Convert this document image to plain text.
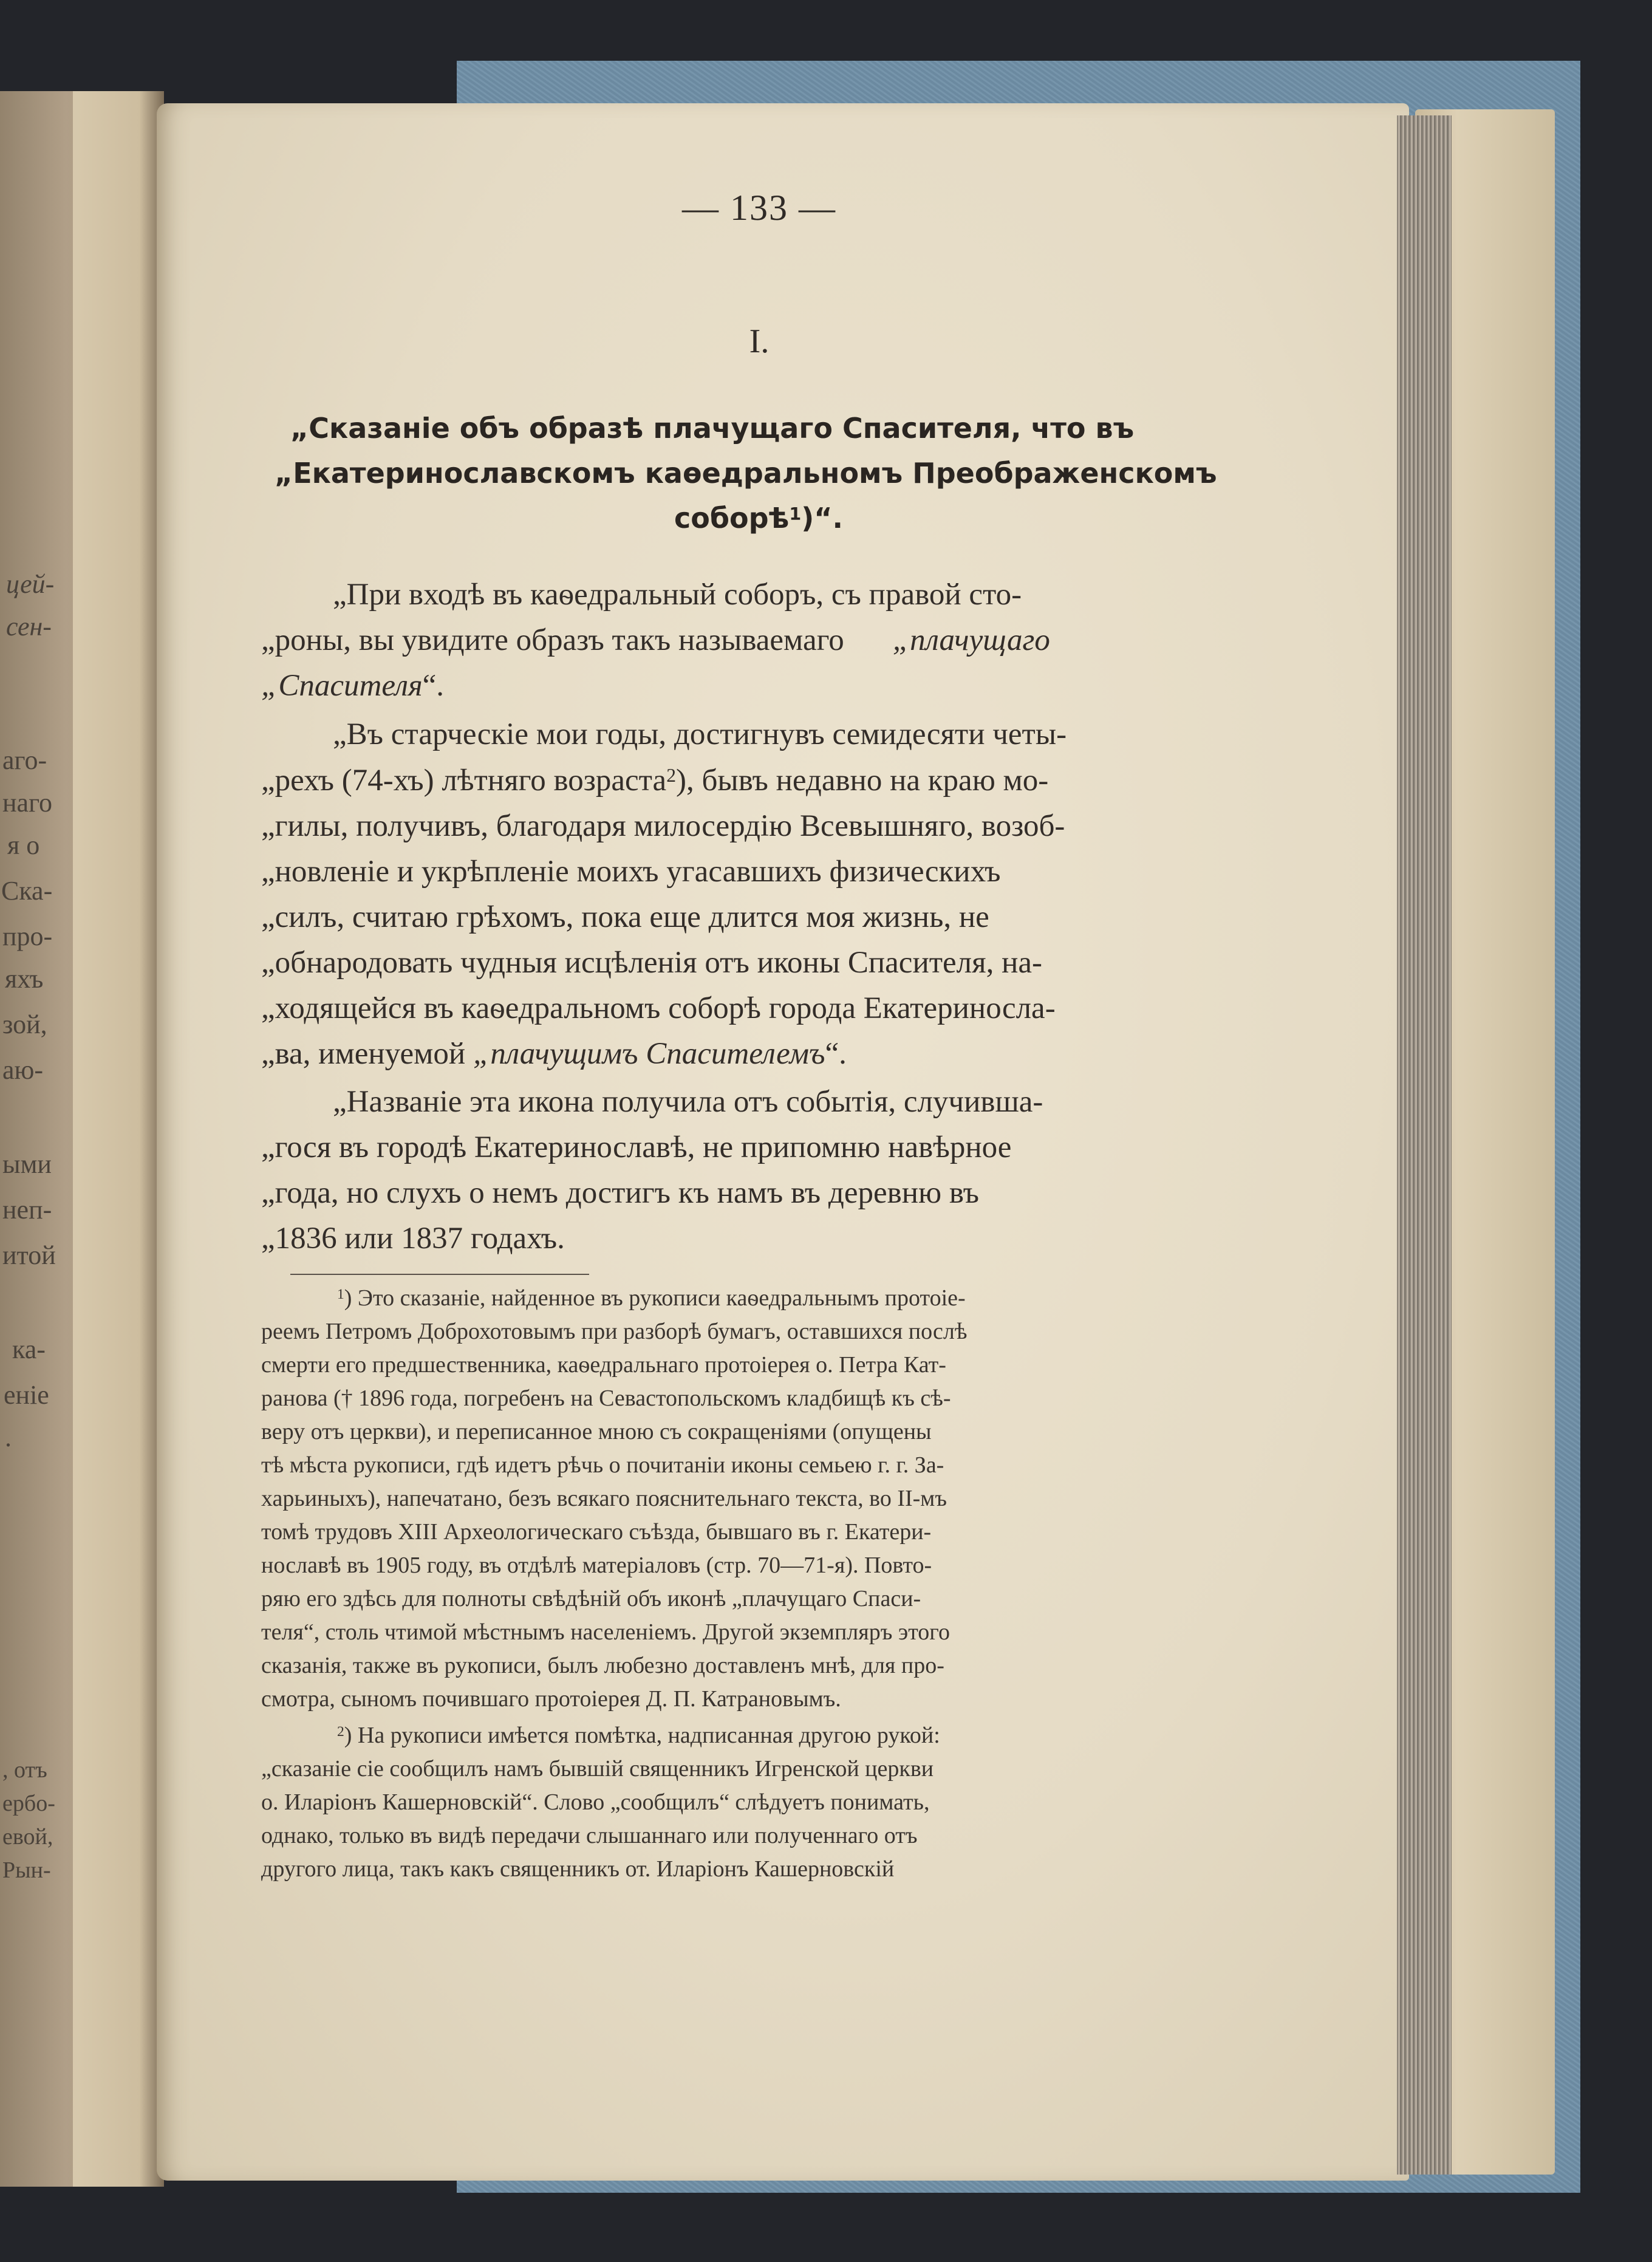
цей-
сен-
аго-
наго
я о
Ска-
про-
яхъ
зой,
аю-
ыми
неп-
итой
ка-
еніе
.
, отъ
ербо-
евой,
Рын-
— 133 —
I.
„Сказаніе объ образѣ плачущаго Спасителя, что въ
„Екатеринославскомъ каѳедральномъ Преображенскомъ
соборѣ$^1$)“.
„При входѣ въ каѳедральный соборъ, съ правой сто-
„роны, вы увидите образъ такъ называемаго „плачущаго
„Спасителя“.
„Въ старческіе мои годы, достигнувъ семидесяти четы-
„рехъ (74-хъ) лѣтняго возраста$^2$), бывъ недавно на краю мо-
„гилы, получивъ, благодаря милосердію Всевышняго, возоб-
„новленіе и укрѣпленіе моихъ угасавшихъ физическихъ
„силъ, считаю грѣхомъ, пока еще длится моя жизнь, не
„обнародовать чудныя исцѣленія отъ иконы Спасителя, на-
„ходящейся въ каѳедральномъ соборѣ города Екатериносла-
„ва, именуемой „плачущимъ Спасителемъ“.
„Названіе эта икона получила отъ событія, случивша-
„гося въ городѣ Екатеринославѣ, не припомню навѣрное
„года, но слухъ о немъ достигъ къ намъ въ деревню въ
„1836 или 1837 годахъ.
$^1$) Это сказаніе, найденное въ рукописи каѳедральнымъ протоіе-
реемъ Петромъ Доброхотовымъ при разборѣ бумагъ, оставшихся послѣ
смерти его предшественника, каѳедральнаго протоіерея о. Петра Кат-
ранова († 1896 года, погребенъ на Севастопольскомъ кладбищѣ къ сѣ-
веру отъ церкви), и переписанное мною съ сокращеніями (опущены
тѣ мѣста рукописи, гдѣ идетъ рѣчь о почитаніи иконы семьею г. г. За-
харьиныхъ), напечатано, безъ всякаго пояснительнаго текста, во II-мъ
томѣ трудовъ XIII Археологическаго съѣзда, бывшаго въ г. Екатери-
нославѣ въ 1905 году, въ отдѣлѣ матеріаловъ (стр. 70—71-я). Повто-
ряю его здѣсь для полноты свѣдѣній объ иконѣ „плачущаго Спаси-
теля“, столь чтимой мѣстнымъ населеніемъ. Другой экземпляръ этого
сказанія, также въ рукописи, былъ любезно доставленъ мнѣ, для про-
смотра, сыномъ почившаго протоіерея Д. П. Катрановымъ.
$^2$) На рукописи имѣется помѣтка, надписанная другою рукой:
„сказаніе сіе сообщилъ намъ бывшій священникъ Игренской церкви
о. Иларіонъ Кашерновскій“. Слово „сообщилъ“ слѣдуетъ понимать,
однако, только въ видѣ передачи слышаннаго или полученнаго отъ
другого лица, такъ какъ священникъ от. Иларіонъ Кашерновскій
